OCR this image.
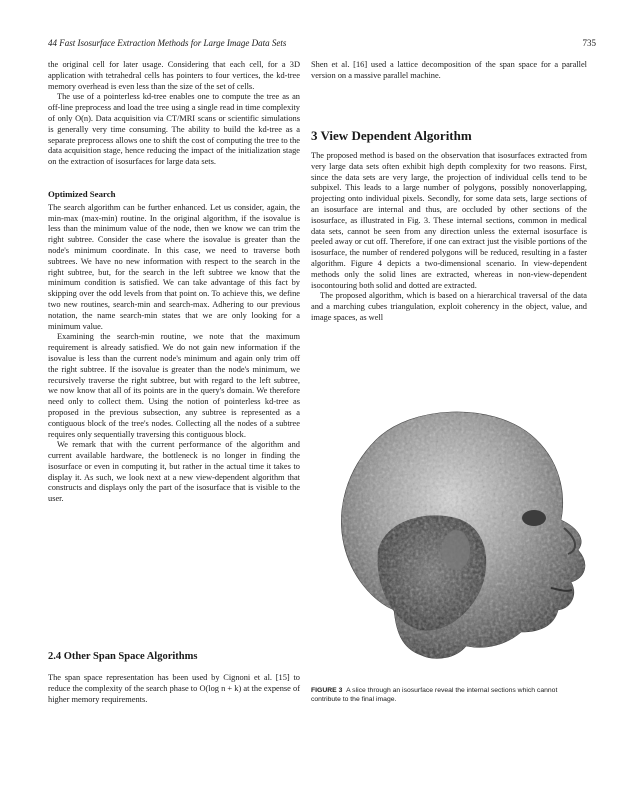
44 Fast Isosurface Extraction Methods for Large Image Data Sets	735

the original cell for later usage. Considering that each cell, for a 3D application with tetrahedral cells has pointers to four vertices, the kd-tree memory overhead is even less than the size of the set of cells.

The use of a pointerless kd-tree enables one to compute the tree as an off-line preprocess and load the tree using a single read in time complexity of only O(n). Data acquisition via CT/MRI scans or scientific simulations is generally very time consuming. The ability to build the kd-tree as a separate preprocess allows one to shift the cost of computing the tree to the data acquisition stage, hence reducing the impact of the initialization stage on the extraction of isosurfaces for large data sets.

Optimized Search

The search algorithm can be further enhanced. Let us consider, again, the min-max (max-min) routine. In the original algorithm, if the isovalue is less than the minimum value of the node, then we know we can trim the right subtree. Consider the case where the isovalue is greater than the node's minimum coordinate. In this case, we need to traverse both subtrees. We have no new information with respect to the search in the right subtree, but, for the search in the left subtree we know that the minimum condition is satisfied. We can take advantage of this fact by skipping over the odd levels from that point on. To achieve this, we define two new routines, search-min and search-max. Adhering to our previous notation, the name search-min states that we are only looking for a minimum value.

Examining the search-min routine, we note that the maximum requirement is already satisfied. We do not gain new information if the isovalue is less than the current node's minimum and again only trim off the right subtree. If the isovalue is greater than the node's minimum, we recursively traverse the right subtree, but with regard to the left subtree, we now know that all of its points are in the query's domain. We therefore need only to collect them. Using the notion of pointerless kd-tree as proposed in the previous subsection, any subtree is represented as a contiguous block of the tree's nodes. Collecting all the nodes of a subtree requires only sequentially traversing this contiguous block.

We remark that with the current performance of the algorithm and current available hardware, the bottleneck is no longer in finding the isosurface or even in computing it, but rather in the actual time it takes to display it. As such, we look next at a new view-dependent algorithm that constructs and displays only the part of the isosurface that is visible to the user.

2.4 Other Span Space Algorithms

The span space representation has been used by Cignoni et al. [15] to reduce the complexity of the search phase to O(log n + k) at the expense of higher memory requirements.

Shen et al. [16] used a lattice decomposition of the span space for a parallel version on a massive parallel machine.

3 View Dependent Algorithm

The proposed method is based on the observation that isosurfaces extracted from very large data sets often exhibit high depth complexity for two reasons. First, since the data sets are very large, the projection of individual cells tend to be subpixel. This leads to a large number of polygons, possibly nonoverlapping, projecting onto individual pixels. Secondly, for some data sets, large sections of an isosurface are internal and thus, are occluded by other sections of the isosurface, as illustrated in Fig. 3. These internal sections, common in medical data sets, cannot be seen from any direction unless the external isosurface is peeled away or cut off. Therefore, if one can extract just the visible portions of the isosurface, the number of rendered polygons will be reduced, resulting in a faster algorithm. Figure 4 depicts a two-dimensional scenario. In view-dependent methods only the solid lines are extracted, whereas in non-view-dependent isocontouring both solid and dotted are extracted.

The proposed algorithm, which is based on a hierarchical traversal of the data and a marching cubes triangulation, exploit coherency in the object, value, and image spaces, as well

FIGURE 3 A slice through an isosurface reveal the internal sections which cannot contribute to the final image.
